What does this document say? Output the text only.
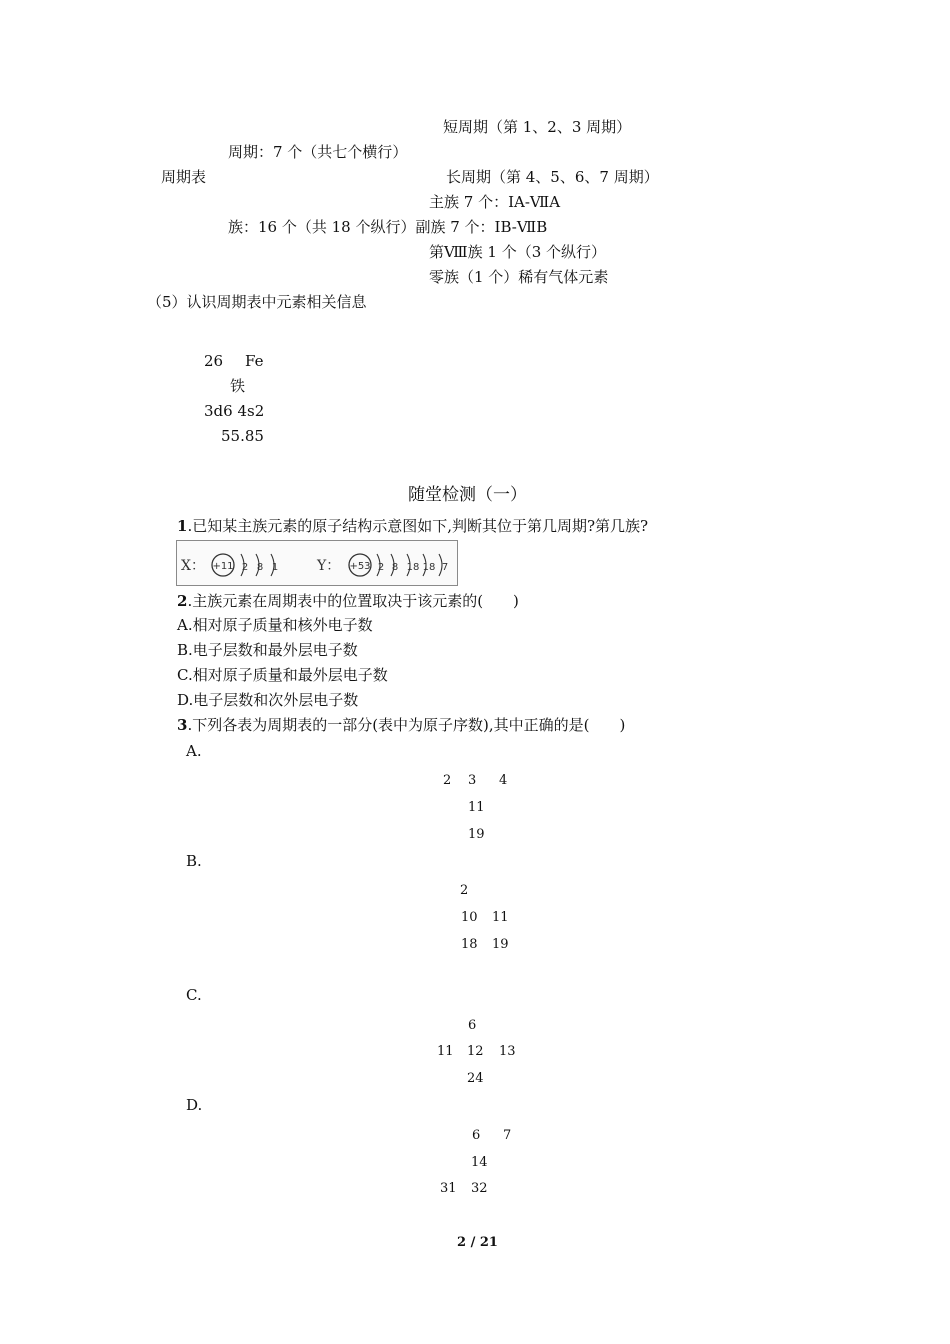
短周期（第 1、2、3 周期）
周期：7 个（共七个横行）
周期表	长周期（第 4、5、6、7 周期）
主族 7 个：ⅠA-ⅦA
族：16 个（共 18 个纵行）副族 7 个：IB-ⅦB
第Ⅷ族 1 个（3 个纵行）
零族（1 个）稀有气体元素
（5）认识周期表中元素相关信息
26 Fe
铁
3d6 4s2
55.85
随堂检测（一）
1.已知某主族元素的原子结构示意图如下,判断其位于第几周期?第几族?
X： +11 2 8 1	Y： +53 2 8 18 18 7
2.主族元素在周期表中的位置取决于该元素的(　　)
A.相对原子质量和核外电子数
B.电子层数和最外层电子数
C.相对原子质量和最外层电子数
D.电子层数和次外层电子数
3.下列各表为周期表的一部分(表中为原子序数),其中正确的是(　　)
A.
2 3 4
11
19
B.
2
10 11
18 19
C.
6
11 12 13
24
D.
6 7
14
31 32
2 / 21
